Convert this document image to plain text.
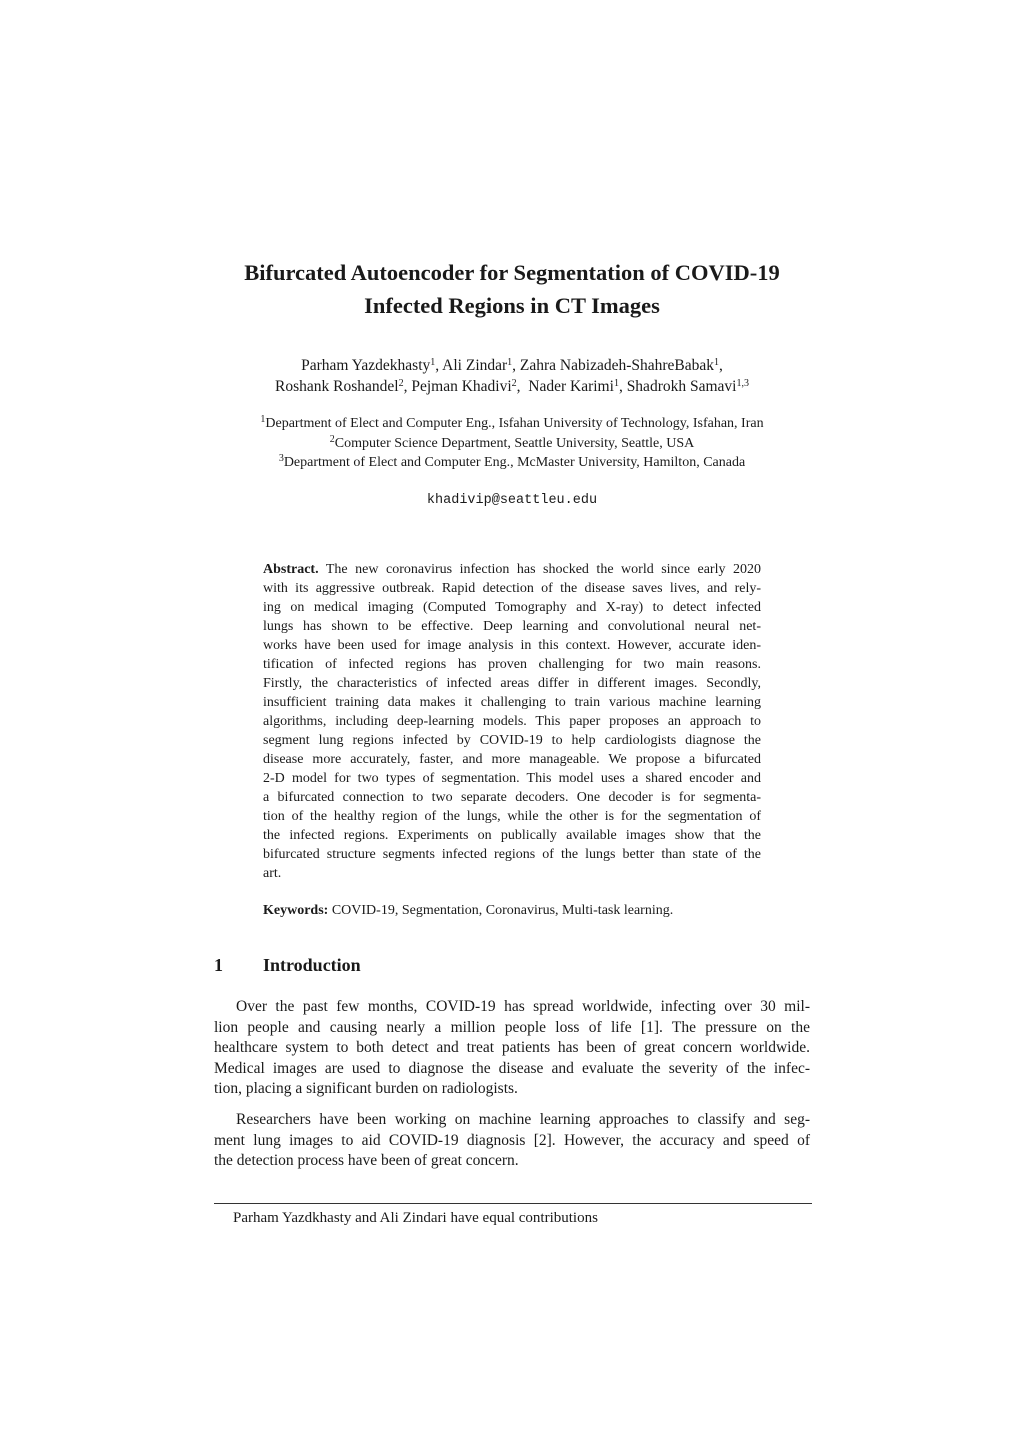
Bifurcated Autoencoder for Segmentation of COVID-19
Infected Regions in CT Images
Parham Yazdekhasty$^1$, Ali Zindar$^1$, Zahra Nabizadeh-ShahreBabak$^1$,
Roshank Roshandel$^2$, Pejman Khadivi$^2$,  Nader Karimi$^1$, Shadrokh Samavi$^{1,3}$
$^1$Department of Elect and Computer Eng., Isfahan University of Technology, Isfahan, Iran
$^2$Computer Science Department, Seattle University, Seattle, USA
$^3$Department of Elect and Computer Eng., McMaster University, Hamilton, Canada
khadivip@seattleu.edu
Abstract. The new coronavirus infection has shocked the world since early 2020
with its aggressive outbreak. Rapid detection of the disease saves lives, and rely-
ing on medical imaging (Computed Tomography and X-ray) to detect infected
lungs has shown to be effective. Deep learning and convolutional neural net-
works have been used for image analysis in this context. However, accurate iden-
tification of infected regions has proven challenging for two main reasons.
Firstly, the characteristics of infected areas differ in different images. Secondly,
insufficient training data makes it challenging to train various machine learning
algorithms, including deep-learning models. This paper proposes an approach to
segment lung regions infected by COVID-19 to help cardiologists diagnose the
disease more accurately, faster, and more manageable. We propose a bifurcated
2-D model for two types of segmentation. This model uses a shared encoder and
a bifurcated connection to two separate decoders. One decoder is for segmenta-
tion of the healthy region of the lungs, while the other is for the segmentation of
the infected regions. Experiments on publically available images show that the
bifurcated structure segments infected regions of the lungs better than state of the
art.
Keywords: COVID-19, Segmentation, Coronavirus, Multi-task learning.
1 Introduction
Over the past few months, COVID-19 has spread worldwide, infecting over 30 mil-
lion people and causing nearly a million people loss of life [1]. The pressure on the
healthcare system to both detect and treat patients has been of great concern worldwide.
Medical images are used to diagnose the disease and evaluate the severity of the infec-
tion, placing a significant burden on radiologists.
Researchers have been working on machine learning approaches to classify and seg-
ment lung images to aid COVID-19 diagnosis [2]. However, the accuracy and speed of
the detection process have been of great concern.
Parham Yazdkhasty and Ali Zindari have equal contributions
